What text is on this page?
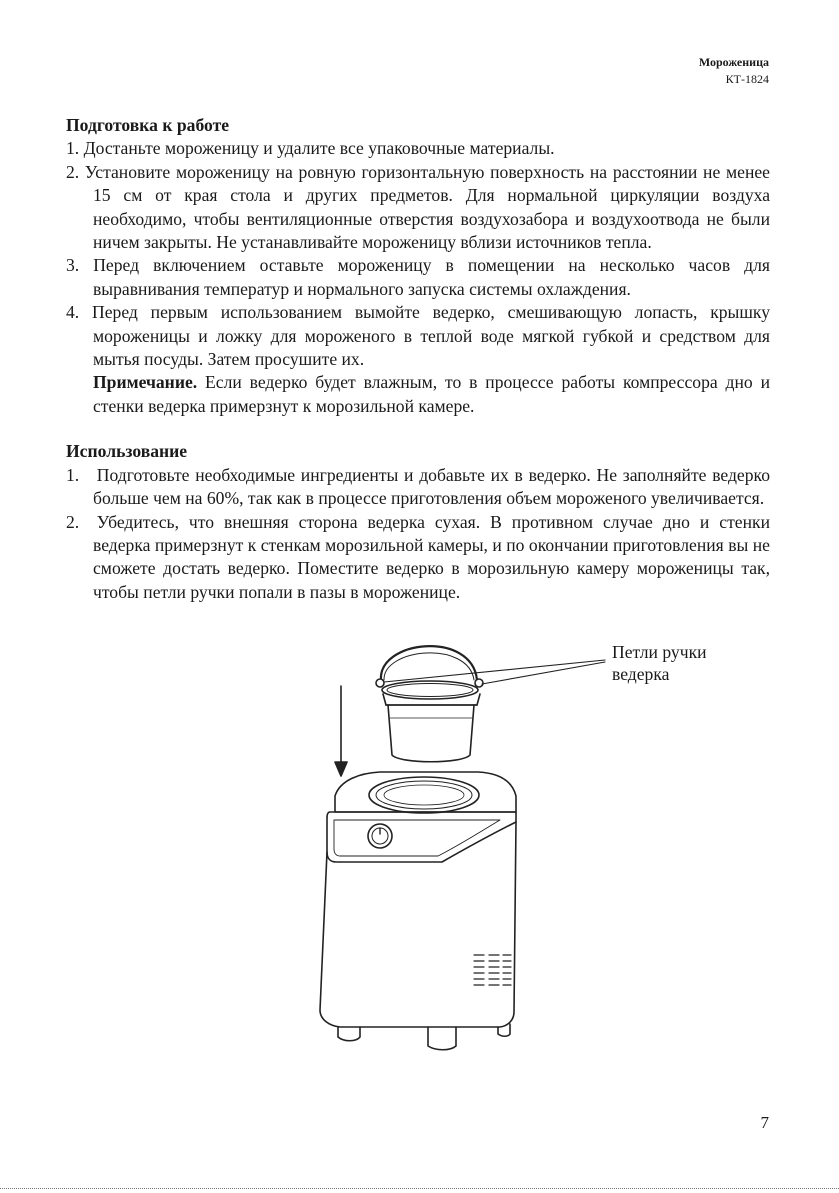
Мороженица
КТ-1824
Подготовка к работе

1. Достаньте мороженицу и удалите все упаковочные материалы.

2. Установите мороженицу на ровную горизонтальную поверхность на расстоянии не менее 15 см от края стола и других предметов. Для нормальной циркуляции воздуха необходимо, чтобы вентиляционные отверстия воздухозабора и воздухоотвода не были ничем закрыты. Не устанавливайте мороженицу вблизи источников тепла.

3. Перед включением оставьте мороженицу в помещении на несколько часов для выравнивания температур и нормального запуска системы охлаждения.

4. Перед первым использованием вымойте ведерко, смешивающую лопасть, крышку мороженицы и ложку для мороженого в теплой воде мягкой губкой и средством для мытья посуды. Затем просушите их.

Примечание. Если ведерко будет влажным, то в процессе работы компрессора дно и стенки ведерка примерзнут к морозильной камере.

Использование

1. Подготовьте необходимые ингредиенты и добавьте их в ведерко. Не заполняйте ведерко больше чем на 60%, так как в процессе приготовления объем мороженого увеличивается.

2. Убедитесь, что внешняя сторона ведерка сухая. В противном случае дно и стенки ведерка примерзнут к стенкам морозильной камеры, и по окончании приготовления вы не сможете достать ведерко. Поместите ведерко в морозильную камеру мороженицы так, чтобы петли ручки попали в пазы в мороженице.

Петли ручки
ведерка
7
